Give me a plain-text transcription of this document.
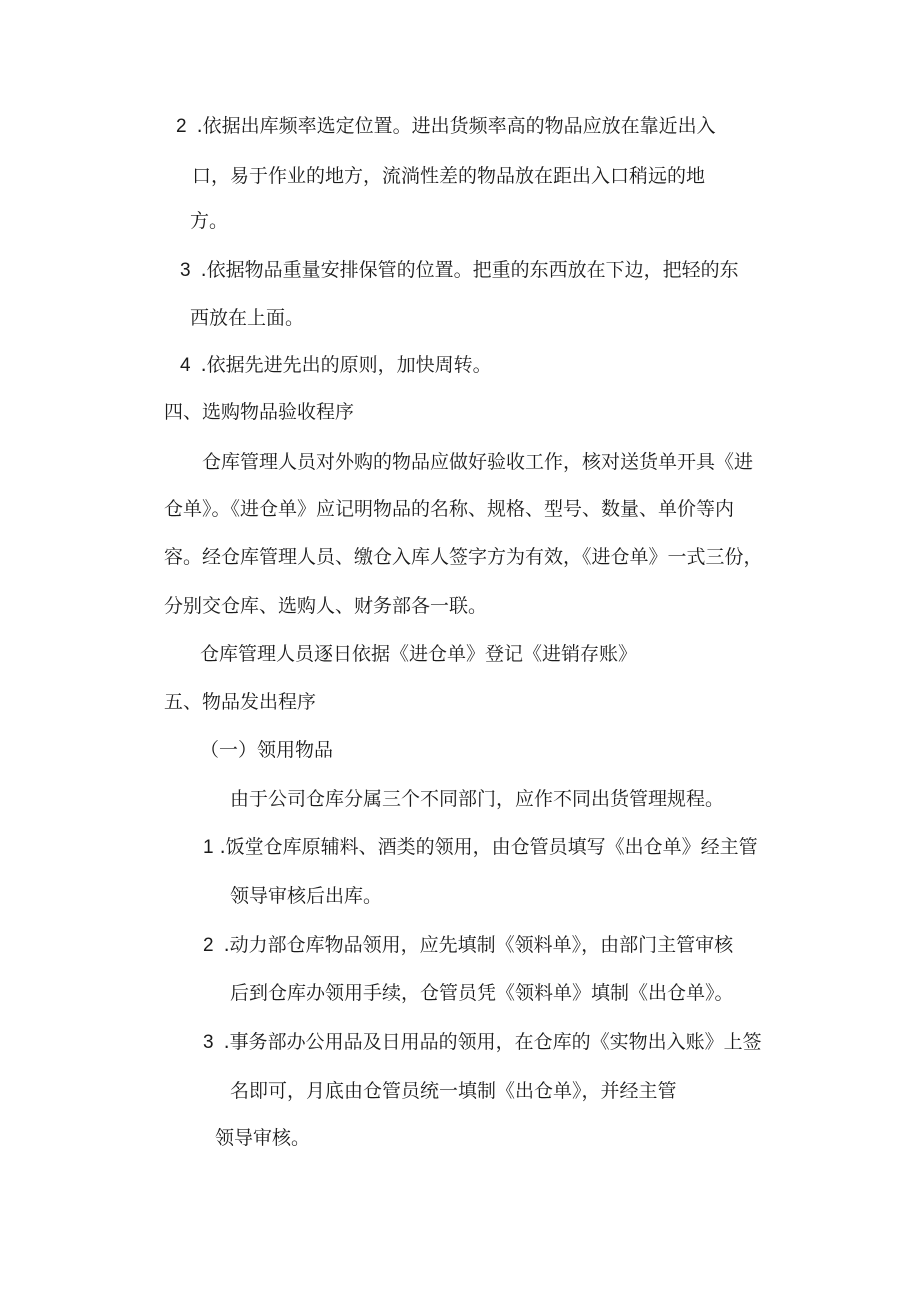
2 .依据出库频率选定位置。进出货频率高的物品应放在靠近出入

口，易于作业的地方，流淌性差的物品放在距出入口稍远的地

方。

3 .依据物品重量安排保管的位置。把重的东西放在下边，把轻的东

西放在上面。

4 .依据先进先出的原则，加快周转。

四、选购物品验收程序

仓库管理人员对外购的物品应做好验收工作，核对送货单开具《进

仓单》。《进仓单》应记明物品的名称、规格、型号、数量、单价等内

容。经仓库管理人员、缴仓入库人签字方为有效，《进仓单》一式三份，

分别交仓库、选购人、财务部各一联。

仓库管理人员逐日依据《进仓单》登记《进销存账》

五、物品发出程序

（一）领用物品

由于公司仓库分属三个不同部门，应作不同出货管理规程。

1 .饭堂仓库原辅料、酒类的领用，由仓管员填写《出仓单》经主管

领导审核后出库。

2 .动力部仓库物品领用，应先填制《领料单》，由部门主管审核

后到仓库办领用手续，仓管员凭《领料单》填制《出仓单》。

3 .事务部办公用品及日用品的领用，在仓库的《实物出入账》上签

名即可，月底由仓管员统一填制《出仓单》，并经主管

领导审核。
